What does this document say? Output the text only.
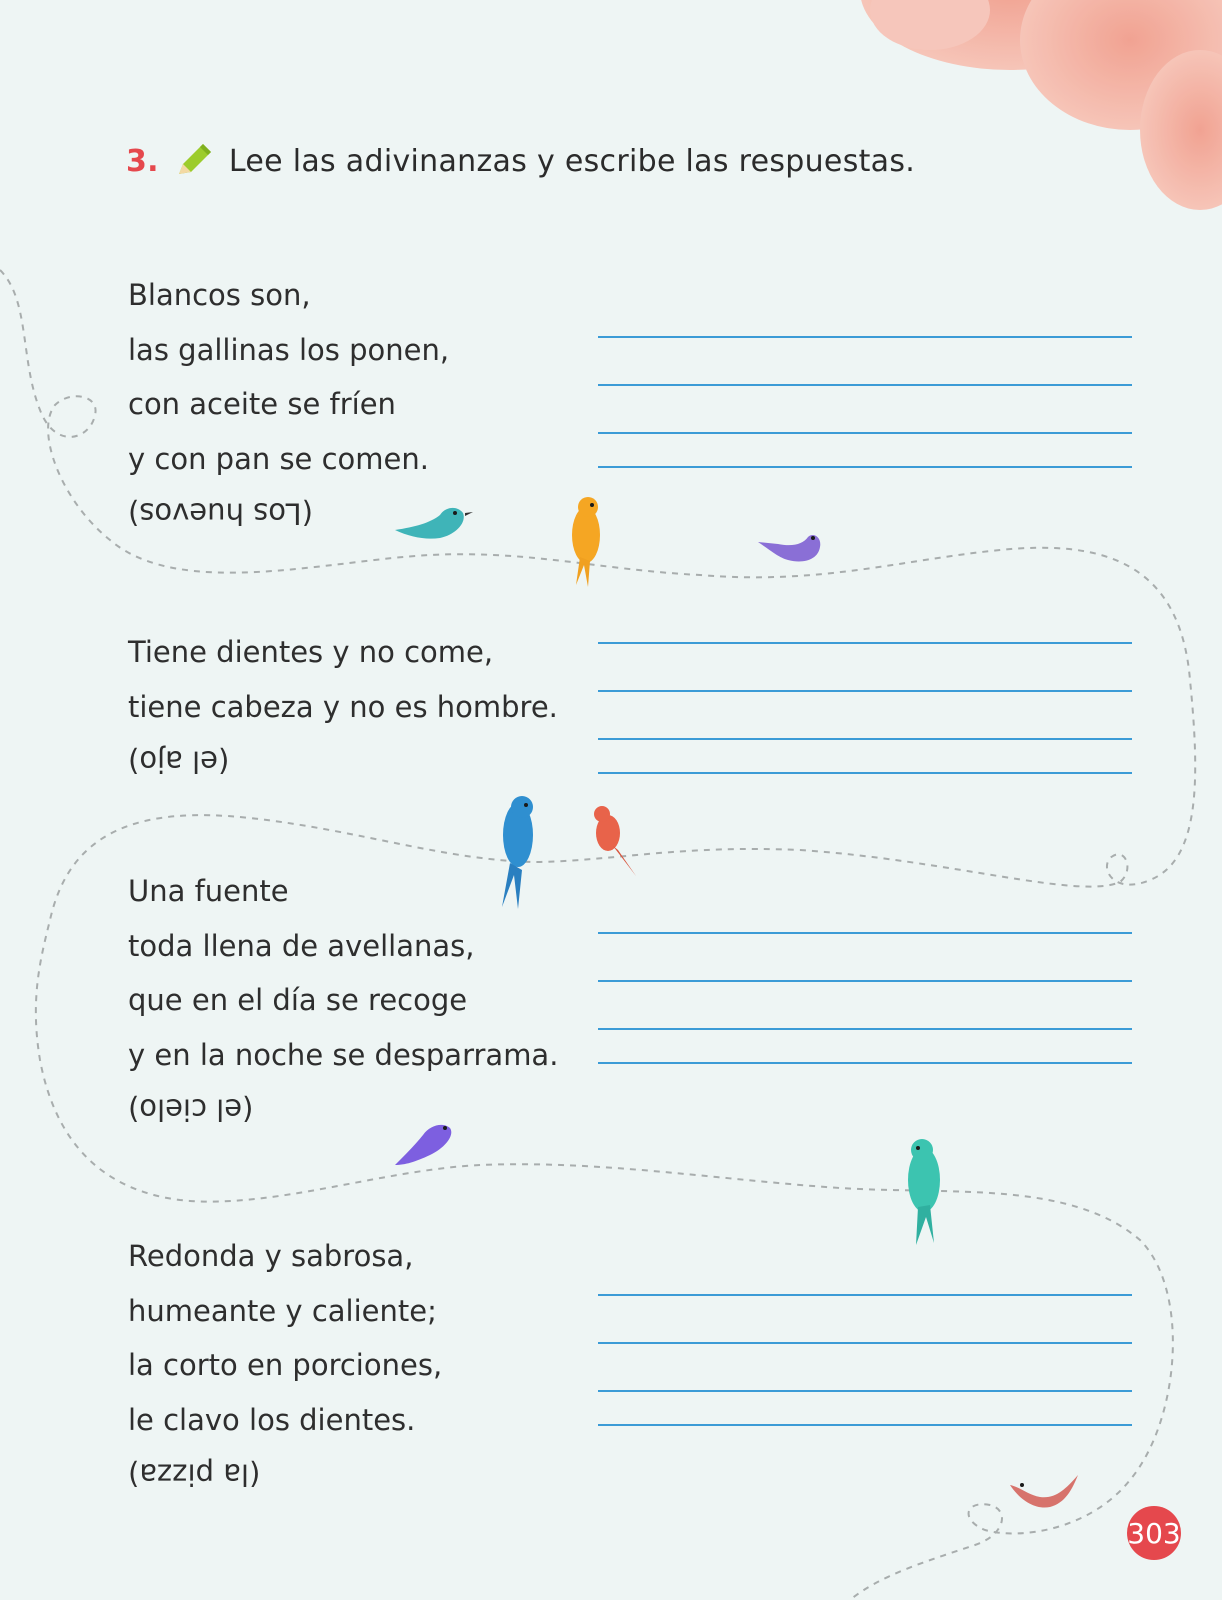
3. Lee las adivinanzas y escribe las respuestas.
Blancos son,
las gallinas los ponen,
con aceite se fríen
y con pan se comen.
(Los huevos)
Tiene dientes y no come,
tiene cabeza y no es hombre.
(el ajo)
Una fuente
toda llena de avellanas,
que en el día se recoge
y en la noche se desparrama.
(el cielo)
Redonda y sabrosa,
humeante y caliente;
la corto en porciones,
le clavo los dientes.
(la pizza)
303
